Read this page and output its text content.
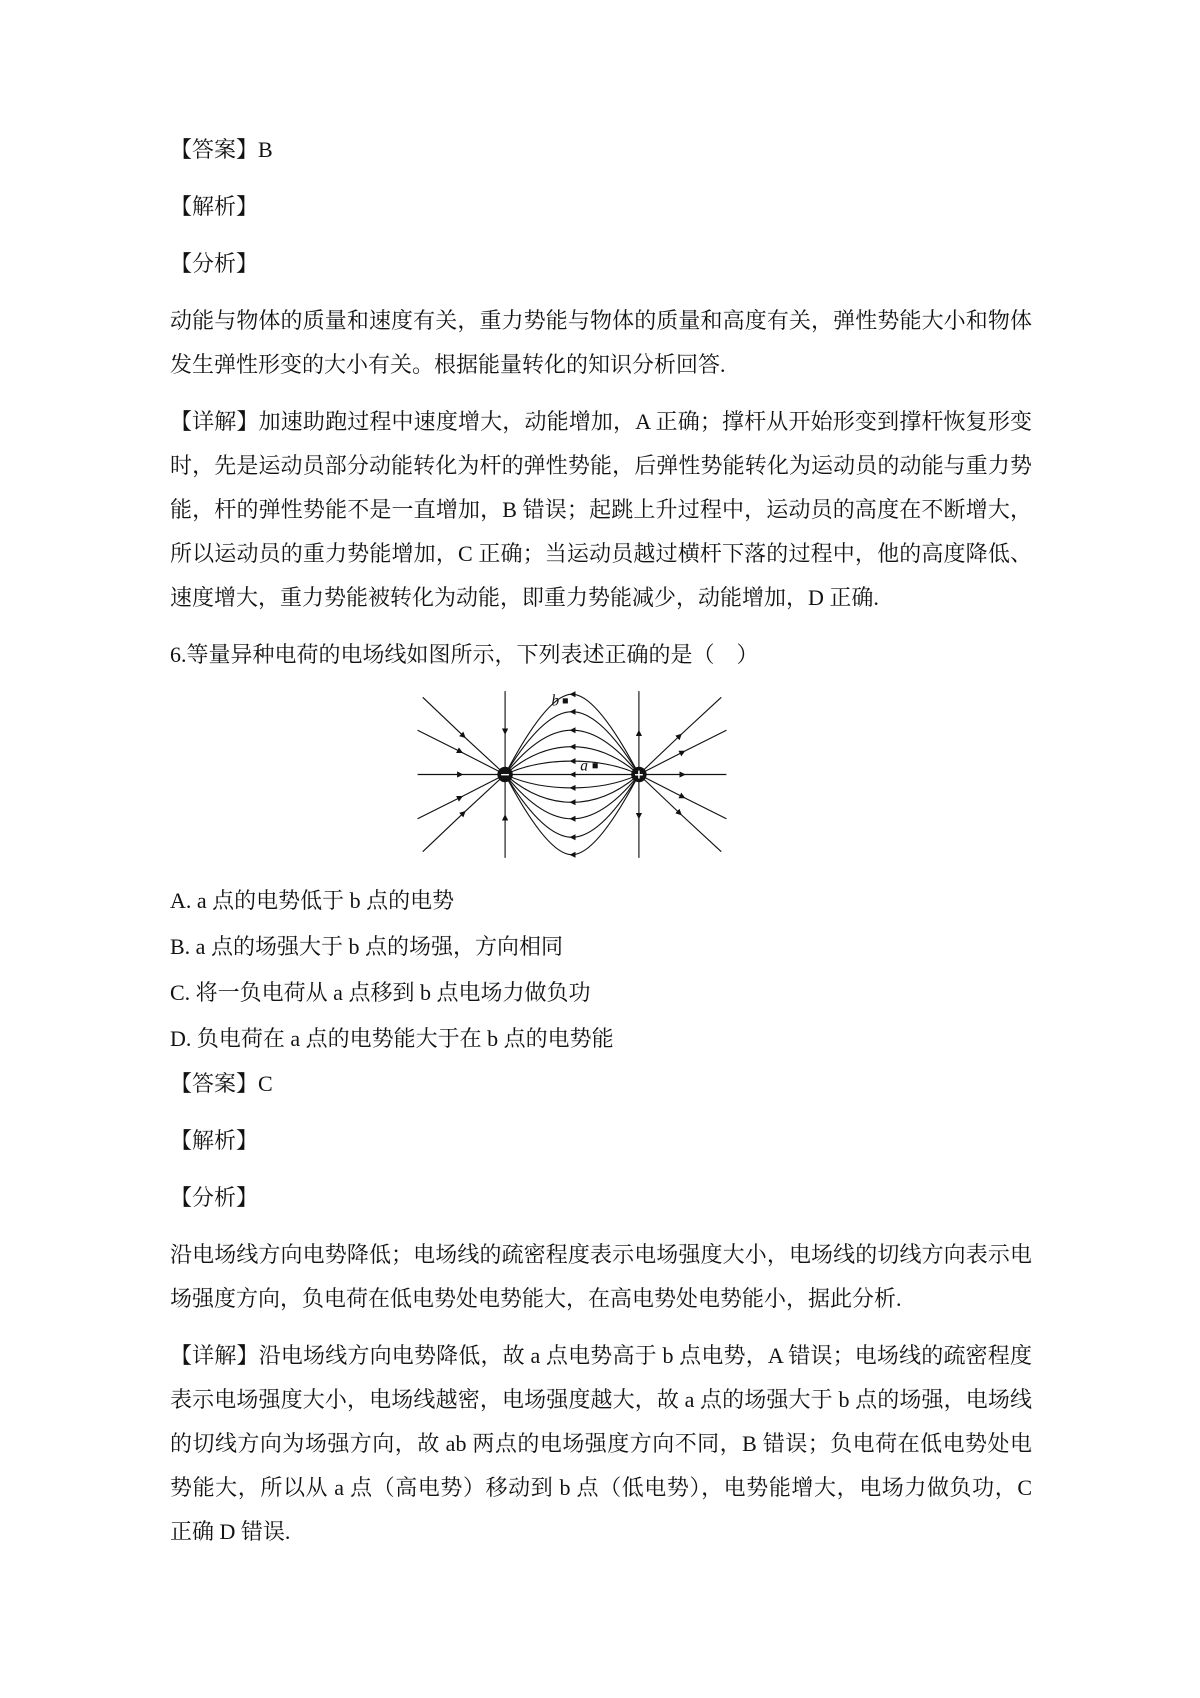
【答案】B

【解析】

【分析】

动能与物体的质量和速度有关，重力势能与物体的质量和高度有关，弹性势能大小和物体发生弹性形变的大小有关。根据能量转化的知识分析回答.

【详解】加速助跑过程中速度增大，动能增加，A 正确；撑杆从开始形变到撑杆恢复形变时，先是运动员部分动能转化为杆的弹性势能，后弹性势能转化为运动员的动能与重力势能，杆的弹性势能不是一直增加，B 错误；起跳上升过程中，运动员的高度在不断增大，所以运动员的重力势能增加，C 正确；当运动员越过横杆下落的过程中，他的高度降低、速度增大，重力势能被转化为动能，即重力势能减少，动能增加，D 正确.

6.等量异种电荷的电场线如图所示，下列表述正确的是（　）

−	+
b
a

A. a 点的电势低于 b 点的电势

B. a 点的场强大于 b 点的场强，方向相同

C. 将一负电荷从 a 点移到 b 点电场力做负功

D. 负电荷在 a 点的电势能大于在 b 点的电势能

【答案】C

【解析】

【分析】

沿电场线方向电势降低；电场线的疏密程度表示电场强度大小，电场线的切线方向表示电场强度方向，负电荷在低电势处电势能大，在高电势处电势能小，据此分析.

【详解】沿电场线方向电势降低，故 a 点电势高于 b 点电势，A 错误；电场线的疏密程度表示电场强度大小，电场线越密，电场强度越大，故 a 点的场强大于 b 点的场强，电场线的切线方向为场强方向，故 ab 两点的电场强度方向不同，B 错误；负电荷在低电势处电势能大，所以从 a 点（高电势）移动到 b 点（低电势），电势能增大，电场力做负功，C 正确 D 错误.
